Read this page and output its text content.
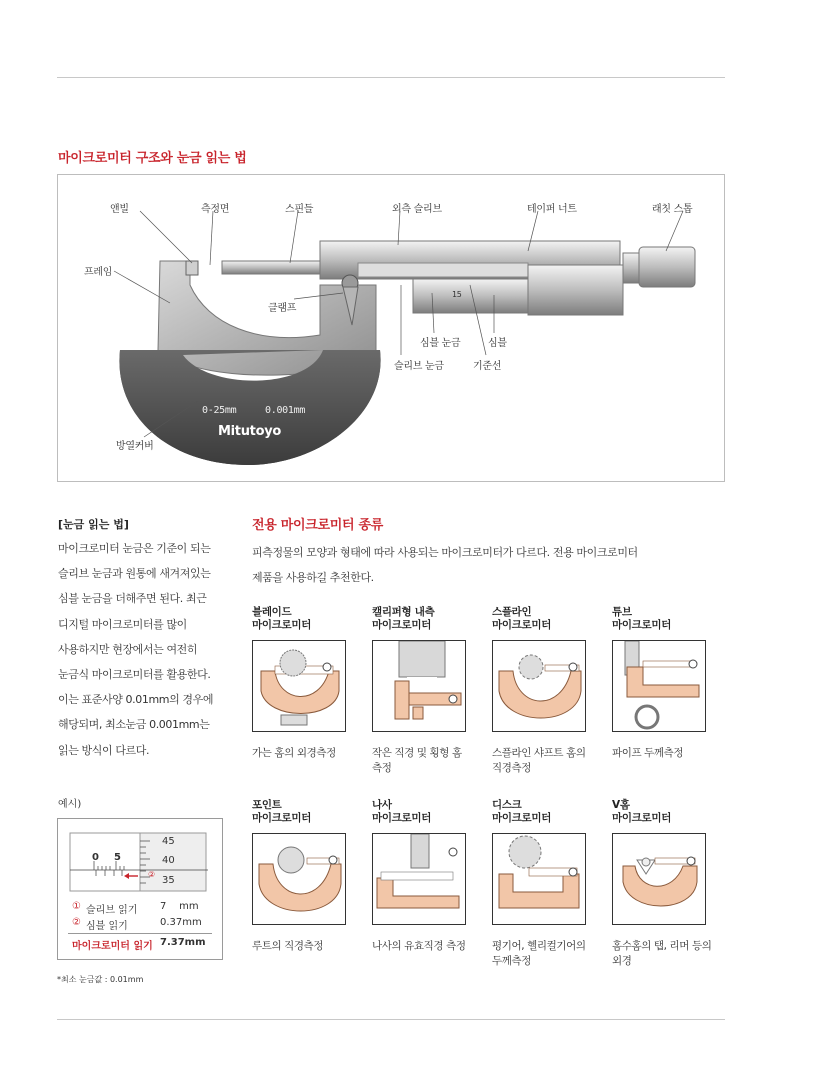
마이크로미터 구조와 눈금 읽는 법
0-25mm	0.001mm
Mitutoyo
15
앤빌	측정면	스핀들	외측 슬리브	테이퍼 너트	래칫 스톱
프레임
클램프
심블 눈금	심블
슬리브 눈금	기준선
방열커버
[눈금 읽는 법]
마이크로미터 눈금은 기준이 되는
슬리브 눈금과 원통에 새겨져있는
심블 눈금을 더해주면 된다. 최근
디지털 마이크로미터를 많이
사용하지만 현장에서는 여전히
눈금식 마이크로미터를 활용한다.
이는 표준사양 0.01mm의 경우에
해당되며, 최소눈금 0.001mm는
읽는 방식이 다르다.
예시)
0 5
45
40
35
②
① 슬리브 읽기 7    mm
② 심블 읽기	0.37mm
마이크로미터 읽기 7.37mm
*최소 눈금값 : 0.01mm
전용 마이크로미터 종류
피측정물의 모양과 형태에 따라 사용되는 마이크로미터가 다르다. 전용 마이크로미터
제품을 사용하길 추천한다.
블레이드
마이크로미터
가는 홈의 외경측정
캘리퍼형 내측
마이크로미터
작은 직경 및 횡형 홈
측정
스플라인
마이크로미터
스플라인 샤프트 홈의
직경측정
튜브
마이크로미터
파이프 두께측정
포인트
마이크로미터
루트의 직경측정
나사
마이크로미터
나사의 유효직경 측정
디스크
마이크로미터
평기어, 헬리컬기어의
두께측정
V홈
마이크로미터
홈수홈의 탭, 리머 등의
외경
